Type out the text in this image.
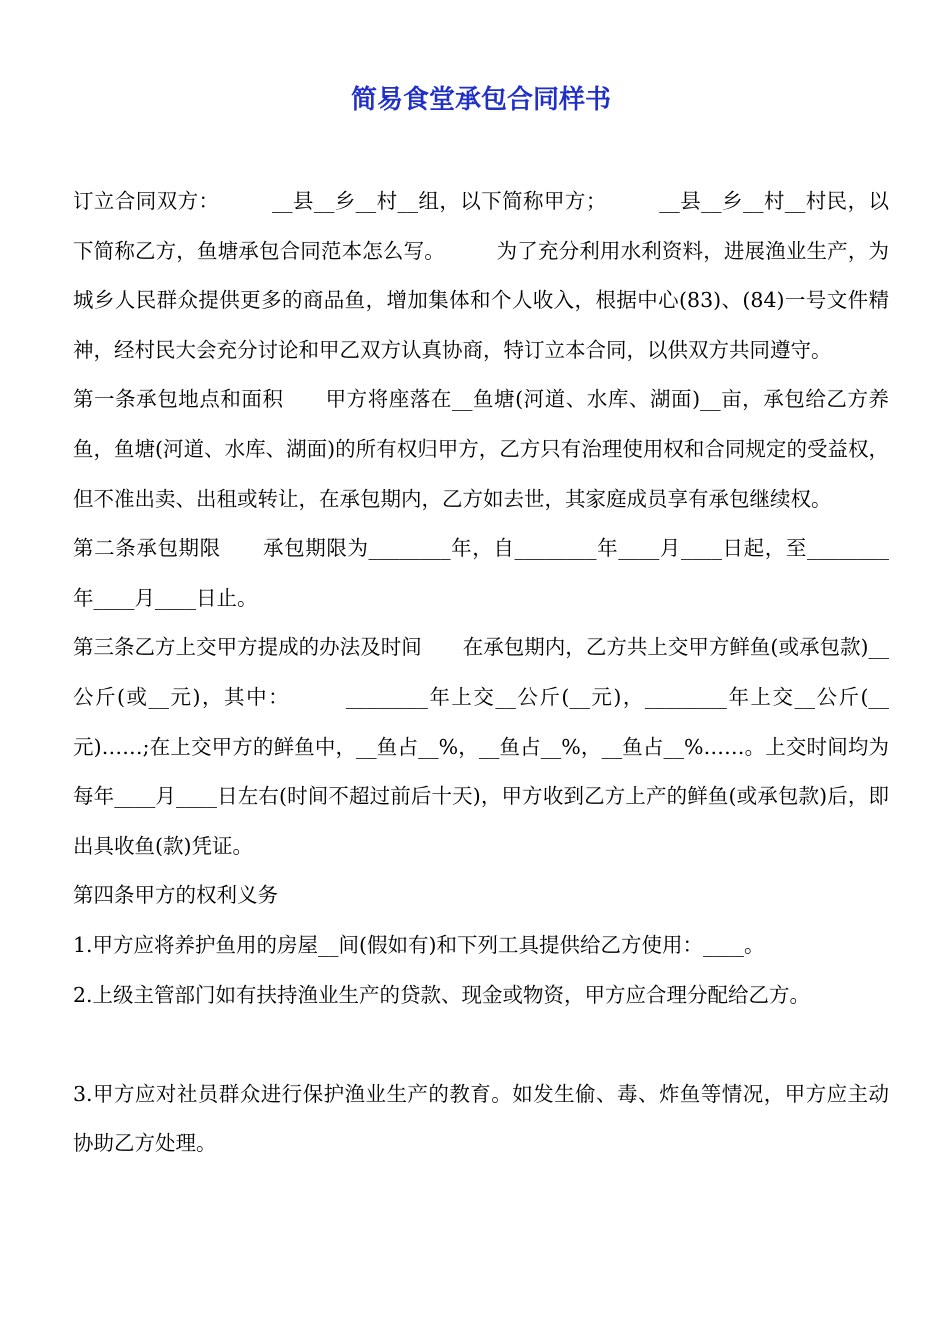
简易食堂承包合同样书

订立合同双方：　　　__县__乡__村__组，以下简称甲方；　　　__县__乡__村__村民，以下简称乙方，鱼塘承包合同范本怎么写。　　　为了充分利用水利资料，进展渔业生产，为城乡人民群众提供更多的商品鱼，增加集体和个人收入，根据中心(83)、(84)一号文件精神，经村民大会充分讨论和甲乙双方认真协商，特订立本合同，以供双方共同遵守。

第一条承包地点和面积　　甲方将座落在__鱼塘(河道、水库、湖面)__亩，承包给乙方养鱼，鱼塘(河道、水库、湖面)的所有权归甲方，乙方只有治理使用权和合同规定的受益权，但不准出卖、出租或转让，在承包期内，乙方如去世，其家庭成员享有承包继续权。

第二条承包期限　　承包期限为________年，自________年____月____日起，至________年____月____日止。

第三条乙方上交甲方提成的办法及时间　　在承包期内，乙方共上交甲方鲜鱼(或承包款)__公斤(或__元)，其中：　　　________年上交__公斤(__元)，________年上交__公斤(__元)……;在上交甲方的鲜鱼中，__鱼占__%，__鱼占__%，__鱼占__%……。上交时间均为每年____月____日左右(时间不超过前后十天)，甲方收到乙方上产的鲜鱼(或承包款)后，即出具收鱼(款)凭证。

第四条甲方的权利义务

1.甲方应将养护鱼用的房屋__间(假如有)和下列工具提供给乙方使用：____。

2.上级主管部门如有扶持渔业生产的贷款、现金或物资，甲方应合理分配给乙方。

3.甲方应对社员群众进行保护渔业生产的教育。如发生偷、毒、炸鱼等情况，甲方应主动协助乙方处理。
